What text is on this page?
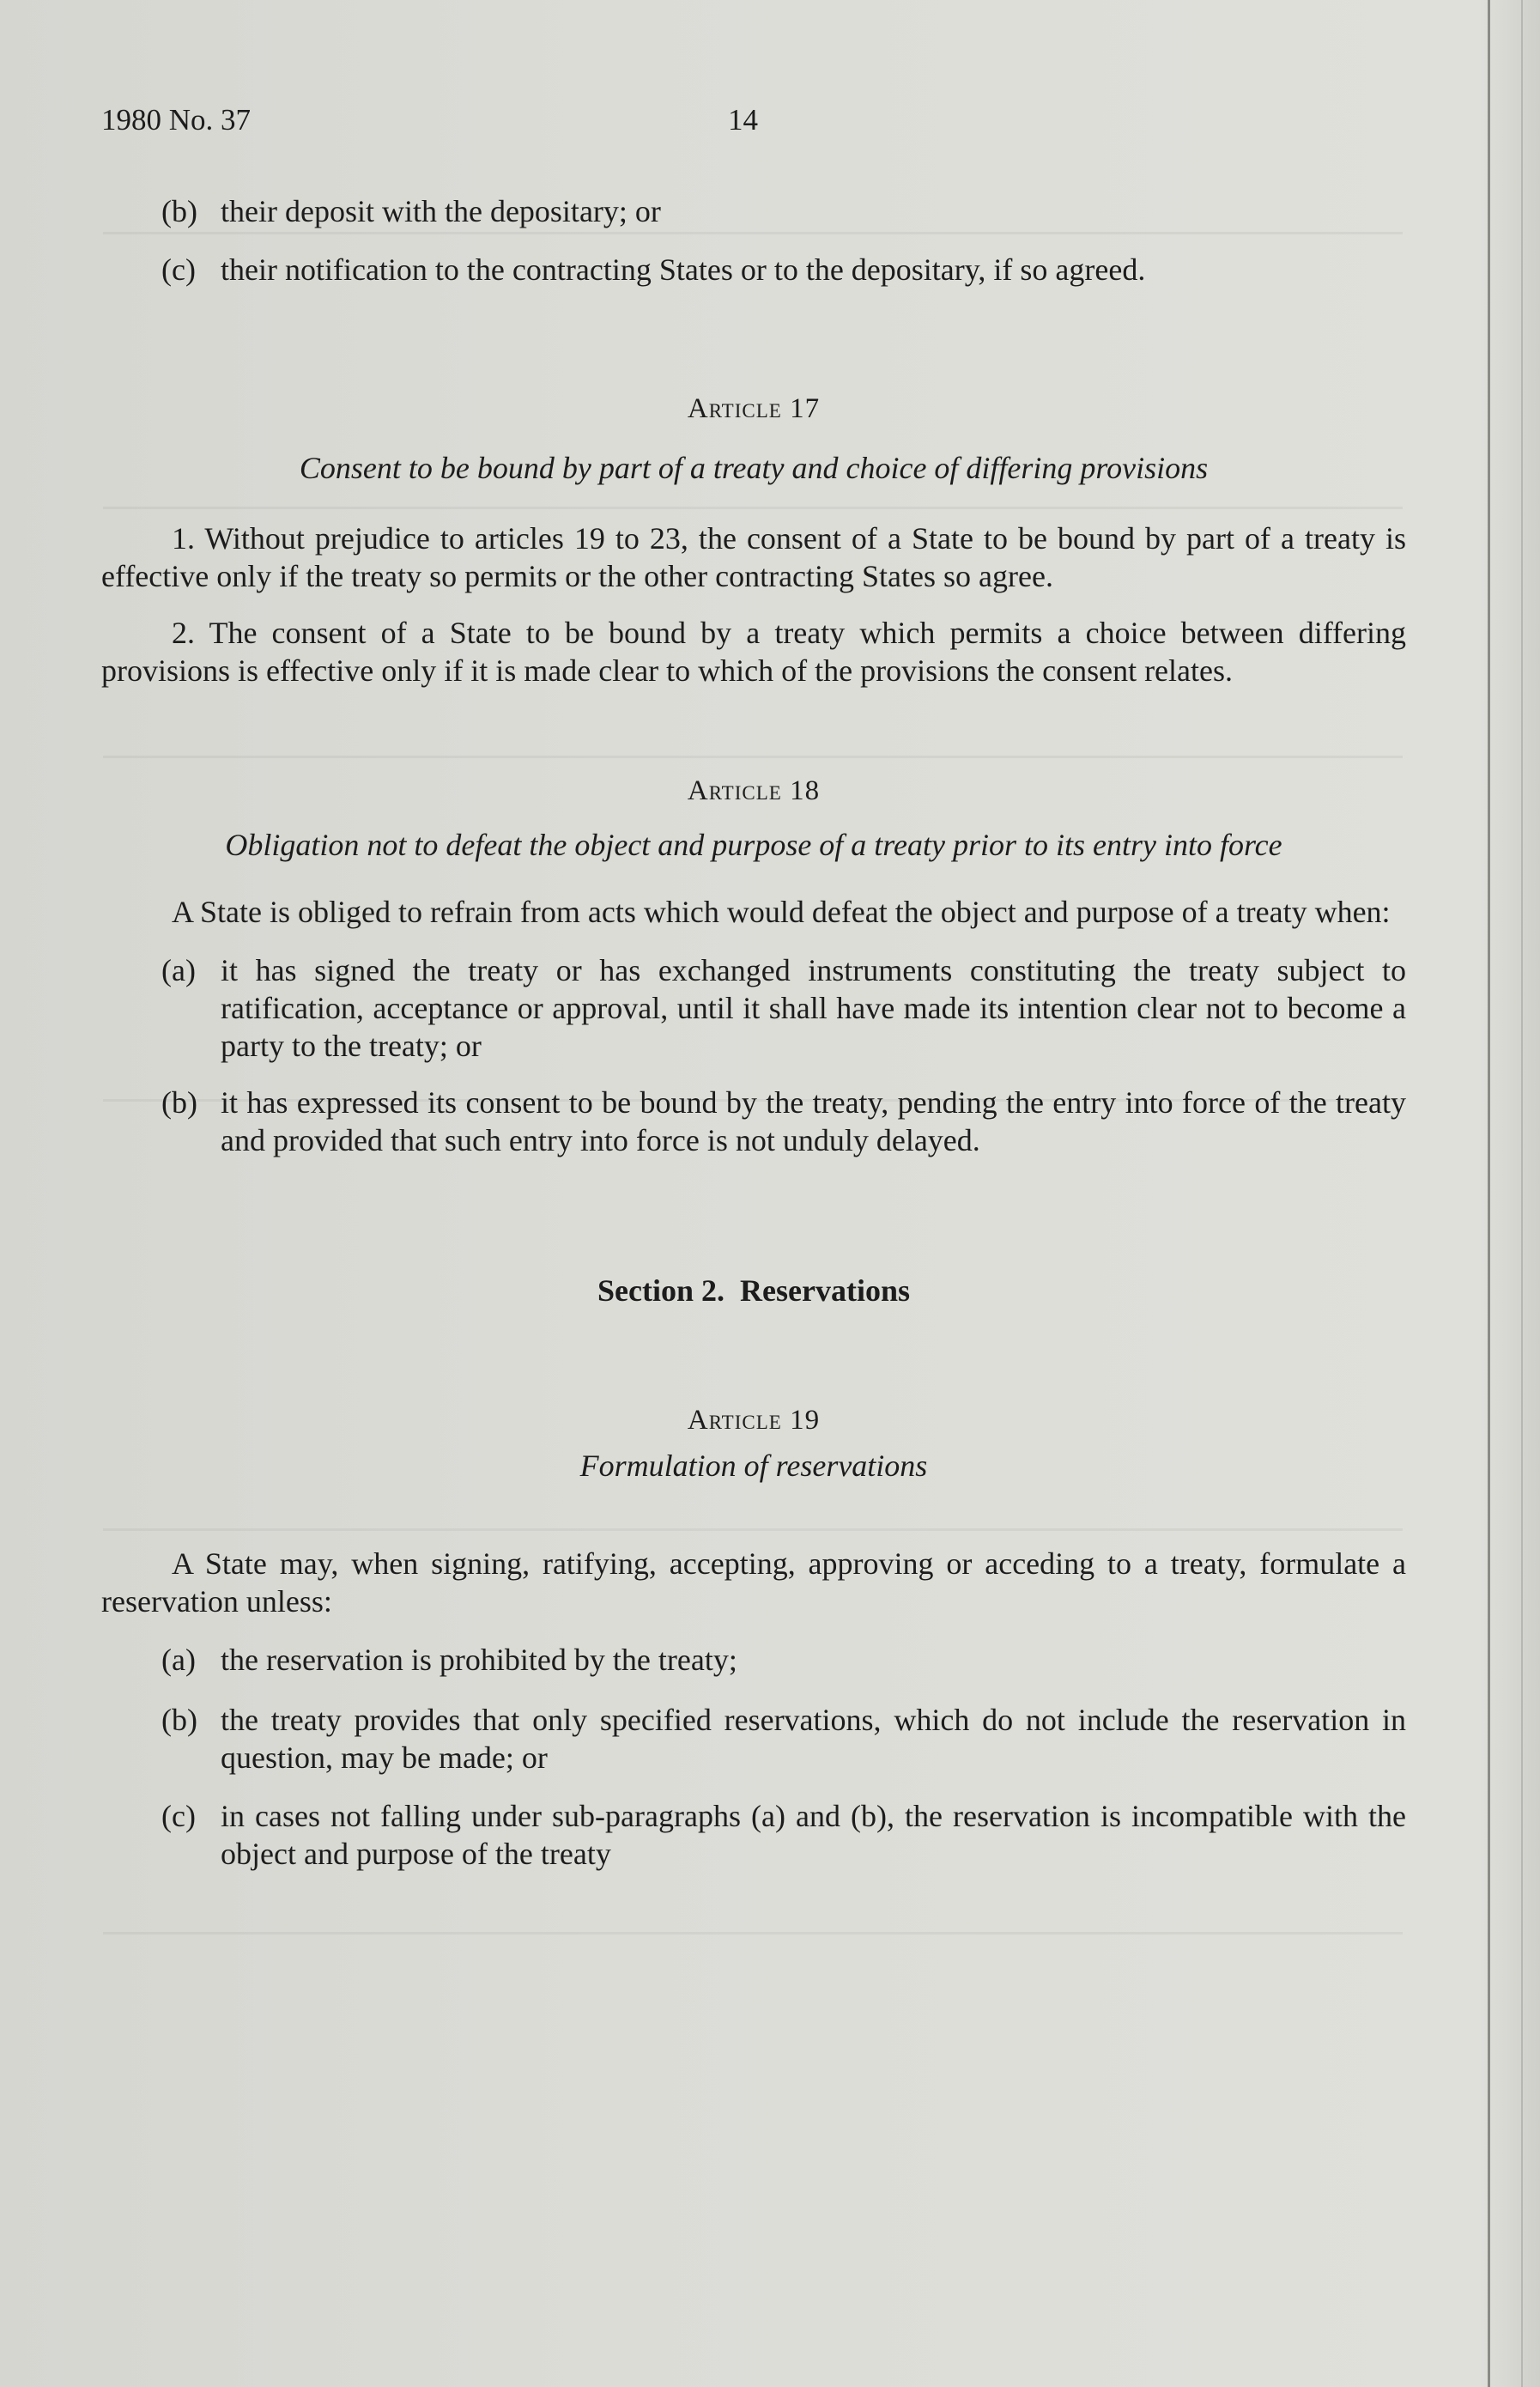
1980 No. 37	14
(b) their deposit with the depositary; or
(c) their notification to the contracting States or to the depositary, if so agreed.
Article 17
Consent to be bound by part of a treaty and choice of differing provisions
1. Without prejudice to articles 19 to 23, the consent of a State to be bound by part of a treaty is effective only if the treaty so permits or the other contracting States so agree.
2. The consent of a State to be bound by a treaty which permits a choice between differing provisions is effective only if it is made clear to which of the provisions the consent relates.
Article 18
Obligation not to defeat the object and purpose of a treaty prior to its entry into force
A State is obliged to refrain from acts which would defeat the object and purpose of a treaty when:
(a) it has signed the treaty or has exchanged instruments constituting the treaty subject to ratification, acceptance or approval, until it shall have made its intention clear not to become a party to the treaty; or
(b) it has expressed its consent to be bound by the treaty, pending the entry into force of the treaty and provided that such entry into force is not unduly delayed.
Section 2.  Reservations
Article 19
Formulation of reservations
A State may, when signing, ratifying, accepting, approving or acceding to a treaty, formulate a reservation unless:
(a) the reservation is prohibited by the treaty;
(b) the treaty provides that only specified reservations, which do not include the reservation in question, may be made; or
(c) in cases not falling under sub-paragraphs (a) and (b), the reservation is incompatible with the object and purpose of the treaty
